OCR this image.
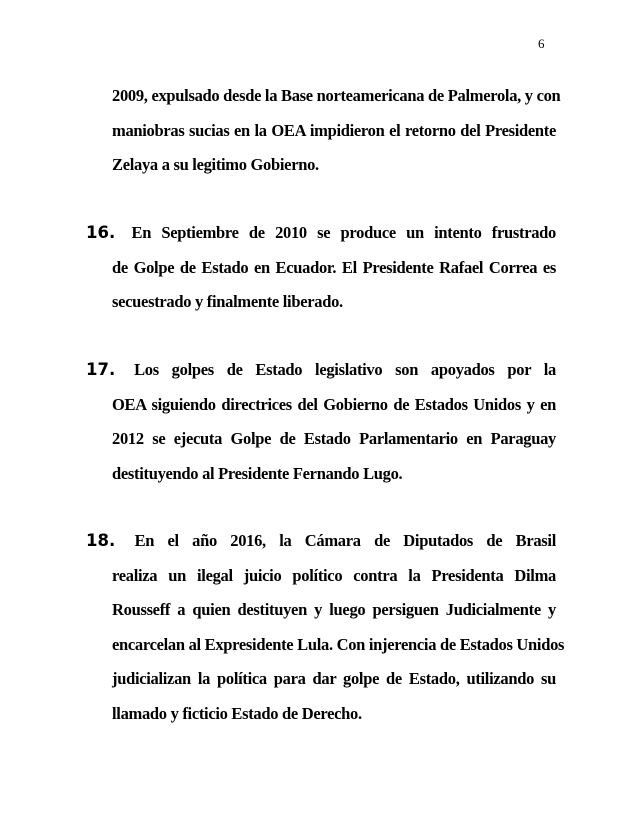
6
2009, expulsado desde la Base norteamericana de Palmerola, y con
maniobras sucias en la OEA impidieron el retorno del Presidente
Zelaya a su legitimo Gobierno.
16. En Septiembre de 2010 se produce un intento frustrado
de Golpe de Estado en Ecuador. El Presidente Rafael Correa es
secuestrado y finalmente liberado.
17. Los golpes de Estado legislativo son apoyados por la
OEA siguiendo directrices del Gobierno de Estados Unidos y en
2012 se ejecuta Golpe de Estado Parlamentario en Paraguay
destituyendo al Presidente Fernando Lugo.
18. En el año 2016, la Cámara de Diputados de Brasil
realiza un ilegal juicio político contra la Presidenta Dilma
Rousseff a quien destituyen y luego persiguen Judicialmente y
encarcelan al Expresidente Lula. Con injerencia de Estados Unidos
judicializan la política para dar golpe de Estado, utilizando su
llamado y ficticio Estado de Derecho.
